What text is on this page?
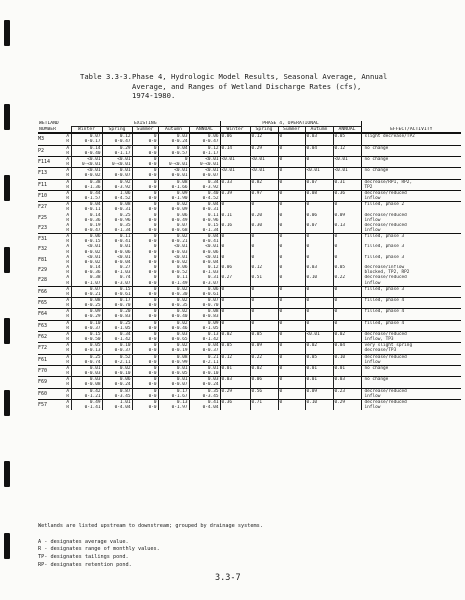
Table 3.3-3. Phase 4, Hydrologic Model Results, Seasonal Average, Annual
Average, and Ranges of Wetland Discharge Rates (cfs),
1974-1980.
WETLAND		EXISTING					PHASE 4, OPERATIONAL					
NUMBER		Winter	Spring	Summer	Autumn	ANNUAL	Winter	Spring	Summer	Autumn	ANNUAL	EFFECT/ACTIVITY
M3	A	0.07	0.12	0	0.03	0.06	0.06	0.12	0	0.03	0.05	slight decrease/TP2

	R	0-0.17	0-0.47	0-0	0-0.24	0-0.47						
P2	A	0.14	0.29	0	0.04	0.12	0.14	0.29	0	0.04	0.12	no change

	R	0-0.40	0-1.17	0-0	0-0.57	0-1.17						
F114	A	<0.01	<0.01	0	0	<0.01	<0.01	<0.01	0	0	<0.01	no change

	R	0-<0.01	0-<0.01	0-0	0-<0.01	0-<0.01						
F13	A	<0.01	0.01	0	<0.01	<0.01	<0.01	<0.01	0	<0.01	<0.01	no change

	R	0-0.02	0-0.07	0-0	0-0.01	0-0.07						
F11	A	0.38	0.92	0	0.08	0.34	0.33	0.82	0	0.07	0.31	decrease/RP1, RP2,
TP2

	R	0-1.36	0-3.92	0-0	0-1.66	0-3.92						
F10	A	0.44	1.06	0	0.09	0.40	0.39	0.97	0	0.08	0.36	decrease/reduced
inflow

	R	0-1.57	0-4.52	0-0	0-1.90	0-4.52						
F27	A	0.04	0.08	0	0.02	0.04	0	0	0	0	0	filled, phase 2

	R	0-0.11	0-0.31	0-0	0-0.09	0-0.31						
F25	A	0.14	0.25	0	0.06	0.11	0.11	0.20	0	0.06	0.09	decrease/reduced
inflow

	R	0-0.36	0-0.96	0-0	0-0.49	0-0.96						
F23	A	0.19	0.35	0	0.07	0.15	0.16	0.30	0	0.07	0.13	decrease/reduced
inflow

	R	0-0.47	0-1.34	0-0	0-0.68	0-1.34						
F31	A	0.06	0.11	0	0.02	0.04	0	0	0	0	0	filled, phase 3

	R	0-0.15	0-0.41	0-0	0-0.21	0-0.41						
F32	A	<0.01	0.01	0	<0.01	<0.01	0	0	0	0	0	filled, phase 3

	R	0-0.02	0-0.06	0-0	0-0.03	0-0.06						
F81	A	<0.01	<0.01	0	<0.01	<0.01	0	0	0	0	0	filled, phase 3

	R	0-0.02	0-0.04	0-0	0-0.02	0-0.04						
F29	A	0.14	0.27	0	0.06	0.12	0.06	0.12	0	0.03	0.05	decrease/inflow
blocked, TP2, RP2

	R	0-0.36	0-1.03	0-0	0-0.52	0-1.03						
F28	A	0.38	0.74	0	0.11	0.31	0.27	0.51	0	0.10	0.22	decrease/reduced
inflow

	R	0-1.07	0-3.07	0-0	0-1.49	0-3.07						
F66	A	0.07	0.15	0	0.02	0.06	0	0	0	0	0	filled, phase 3

	R	0-0.21	0-0.61	0-0	0-0.30	0-0.61						
F65	A	0.08	0.17	0	0.02	0.07	0	0	0	0	0	filled, phase 4

	R	0-0.25	0-0.70	0-0	0-0.35	0-0.70						
F64	A	0.09	0.20	0	0.02	0.08	0	0	0	0	0	filled, phase 4

	R	0-0.29	0-0.83	0-0	0-0.40	0-0.83						
F63	A	0.10	0.25	0	0.02	0.09	0	0	0	0	0	filled, phase 4

	R	0-0.37	0-1.05	0-0	0-0.46	0-1.05						
F62	A	0.15	0.34	0	0.03	0.13	0.02	0.05	0	<0.01	0.02	decrease/reduced
inflow, TP3

	R	0-0.50	0-1.42	0-0	0-0.65	0-1.42						
F72	A	0.05	0.10	0	0.02	0.04	0.05	0.09	0	0.02	0.04	very slight spring
decrease/TP3

	R	0-0.13	0-0.37	0-0	0-0.19	0-0.37						
F61	A	0.25	0.52	0	0.08	0.21	0.12	0.22	0	0.05	0.10	decrease/reduced
inflow

	R	0-0.74	0-2.11	0-0	0-0.99	0-2.11						
F70	A	0.01	0.02	0	0.01	0.01	0.01	0.02	0	0.01	0.01	no change

	R	0-0.03	0-0.10	0-0	0-0.05	0-0.10						
F69	A	0.03	0.06	0	0.01	0.03	0.03	0.06	0	0.01	0.03	no change

	R	0-0.08	0-0.24	0-0	0-0.07	0-0.24						
F60	A	0.42	0.87	0	0.17	0.35	0.29	0.56	0	0.09	0.23	decrease/reduced
inflow

	R	0-1.21	0-3.45	0-0	0-1.67	0-3.45						
F57	A	0.49	1.01	0	0.13	0.41	0.36	0.71	0	0.10	0.29	decrease/reduced
inflow

	R	0-1.41	0-4.04	0-0	0-1.97	0-4.04						
Wetlands are listed upstream to downstream; grouped by drainage systems.

A - designates average value.
R - designates range of monthly values.
TP- designates tailings pond.
RP- designates retention pond.
3.3-7
